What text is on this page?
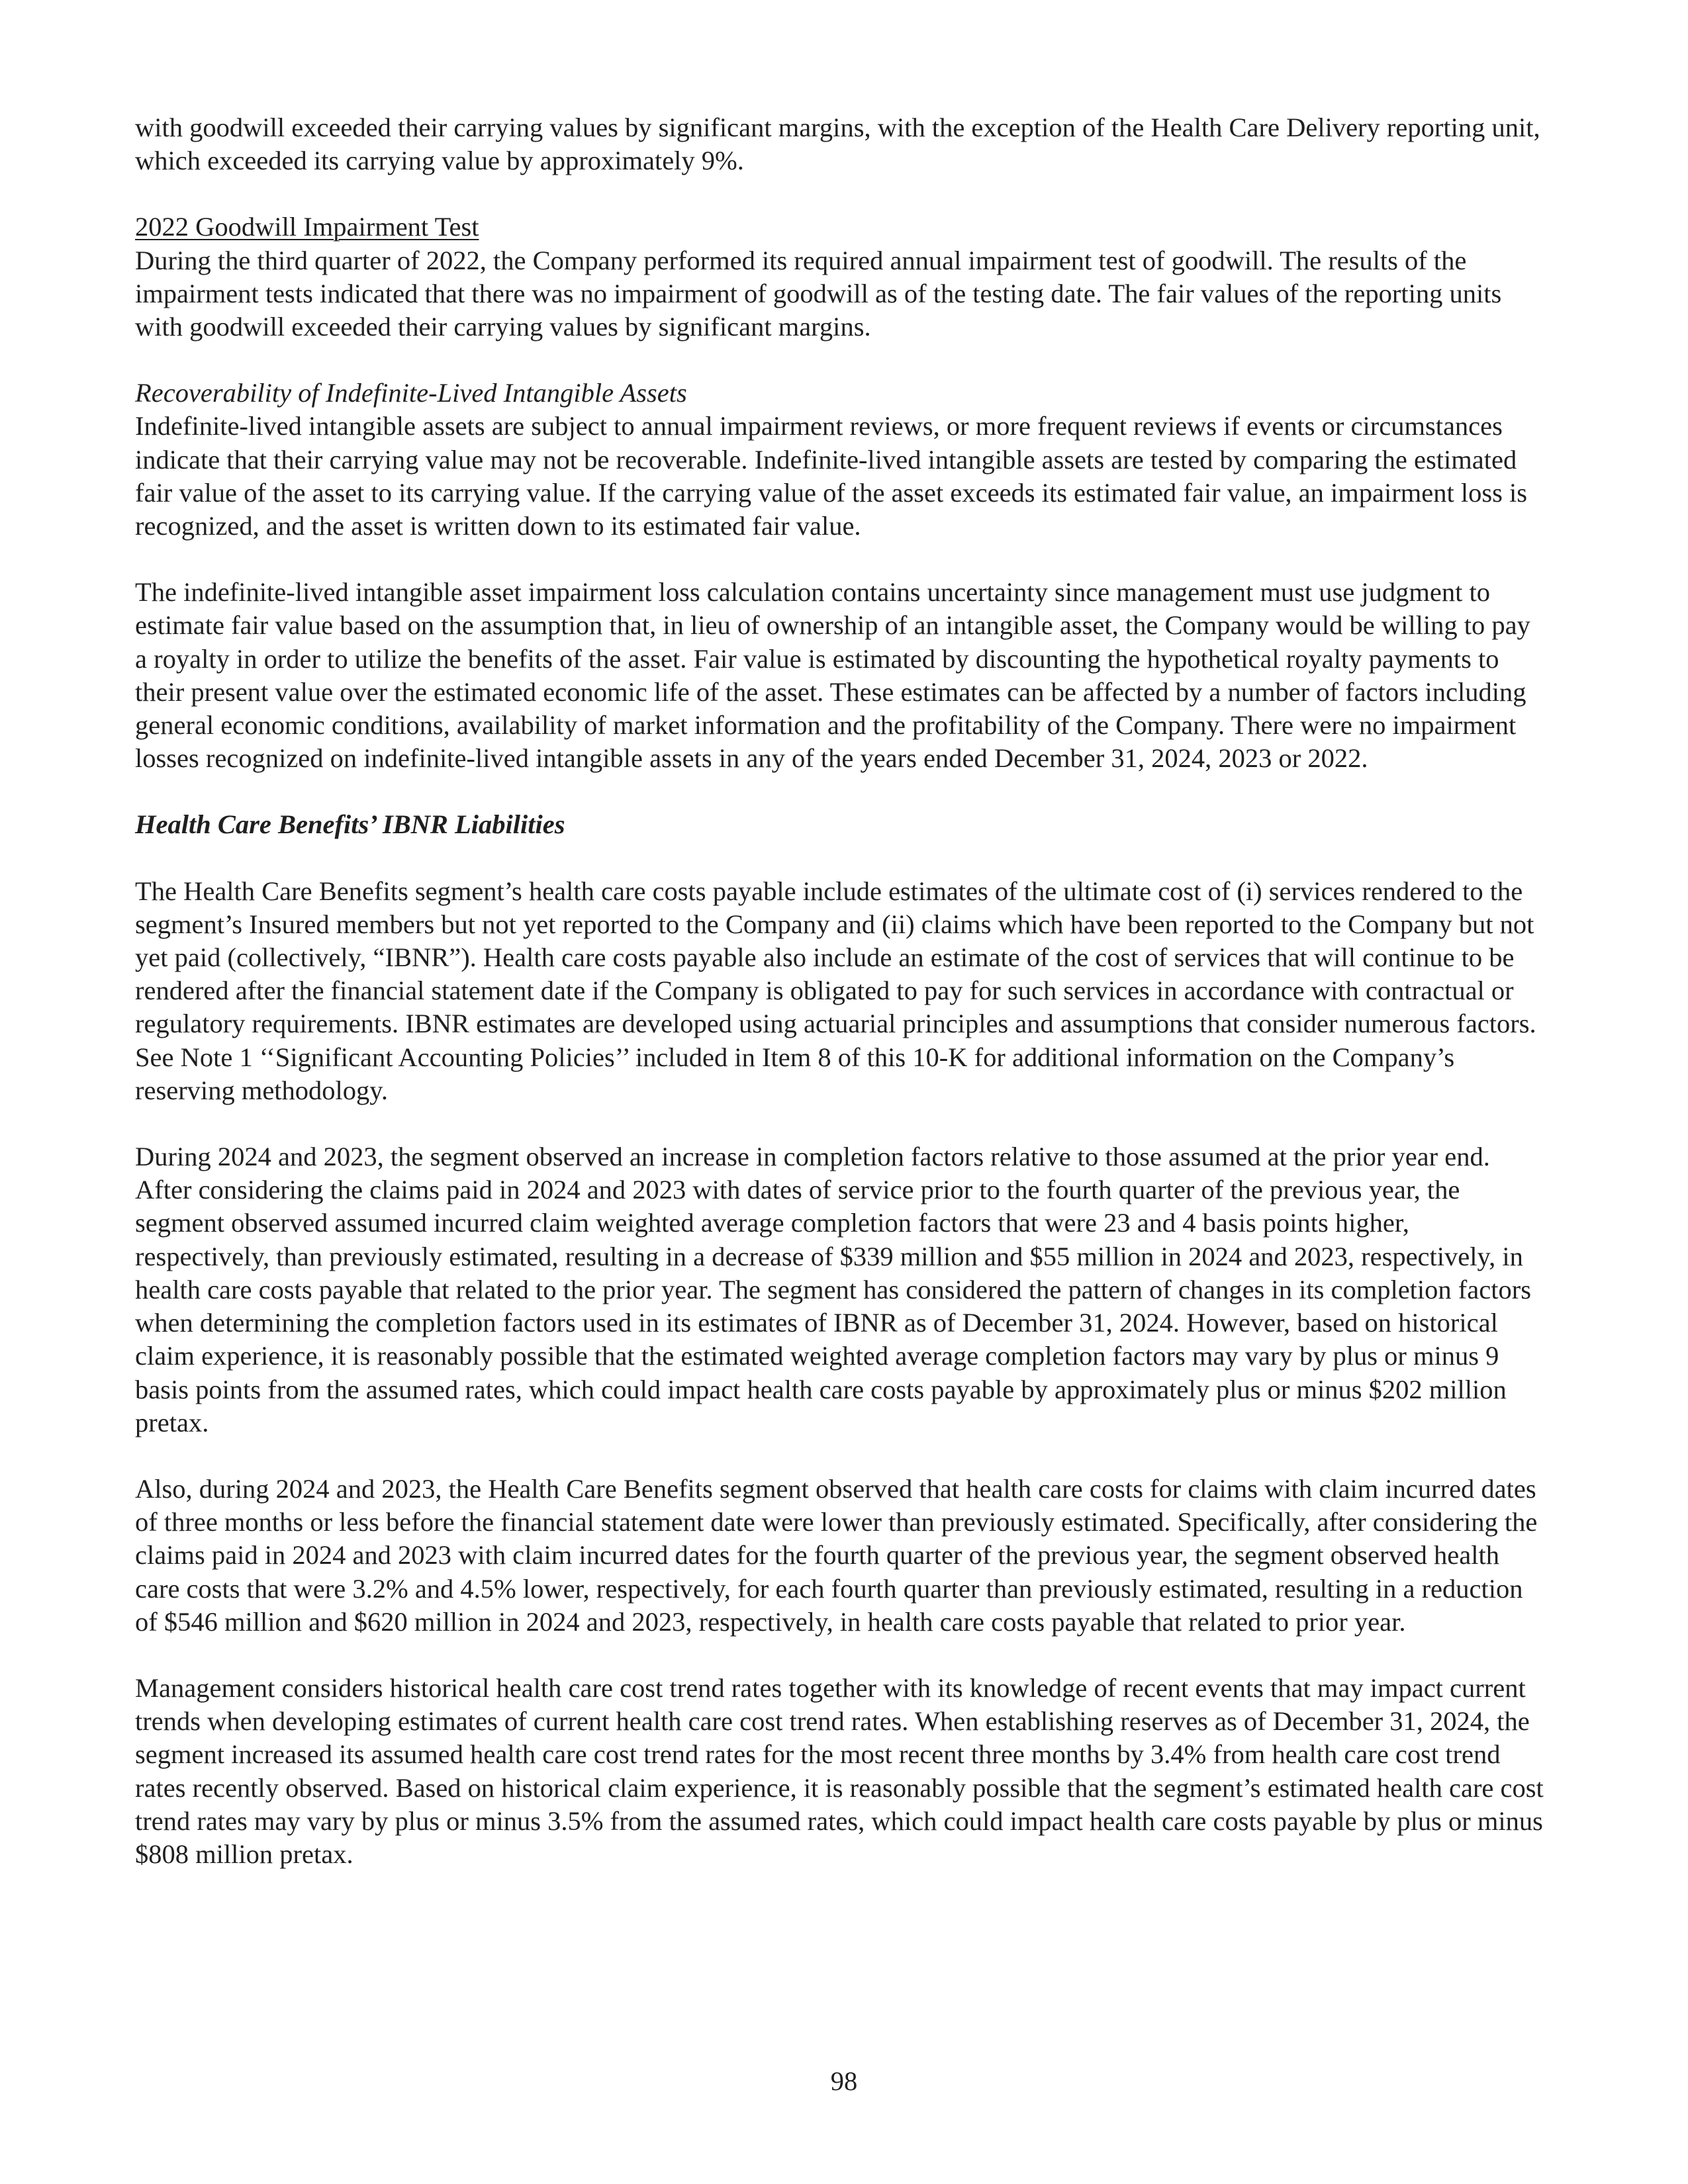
with goodwill exceeded their carrying values by significant margins, with the exception of the Health Care Delivery reporting unit, which exceeded its carrying value by approximately 9%.

2022 Goodwill Impairment Test
During the third quarter of 2022, the Company performed its required annual impairment test of goodwill. The results of the impairment tests indicated that there was no impairment of goodwill as of the testing date. The fair values of the reporting units with goodwill exceeded their carrying values by significant margins.

Recoverability of Indefinite-Lived Intangible Assets
Indefinite-lived intangible assets are subject to annual impairment reviews, or more frequent reviews if events or circumstances indicate that their carrying value may not be recoverable. Indefinite-lived intangible assets are tested by comparing the estimated fair value of the asset to its carrying value. If the carrying value of the asset exceeds its estimated fair value, an impairment loss is recognized, and the asset is written down to its estimated fair value.

The indefinite-lived intangible asset impairment loss calculation contains uncertainty since management must use judgment to estimate fair value based on the assumption that, in lieu of ownership of an intangible asset, the Company would be willing to pay a royalty in order to utilize the benefits of the asset. Fair value is estimated by discounting the hypothetical royalty payments to their present value over the estimated economic life of the asset. These estimates can be affected by a number of factors including general economic conditions, availability of market information and the profitability of the Company. There were no impairment losses recognized on indefinite-lived intangible assets in any of the years ended December 31, 2024, 2023 or 2022.

Health Care Benefits’ IBNR Liabilities

The Health Care Benefits segment’s health care costs payable include estimates of the ultimate cost of (i) services rendered to the segment’s Insured members but not yet reported to the Company and (ii) claims which have been reported to the Company but not yet paid (collectively, “IBNR”). Health care costs payable also include an estimate of the cost of services that will continue to be rendered after the financial statement date if the Company is obligated to pay for such services in accordance with contractual or regulatory requirements. IBNR estimates are developed using actuarial principles and assumptions that consider numerous factors. See Note 1 ‘‘Significant Accounting Policies’’ included in Item 8 of this 10-K for additional information on the Company’s reserving methodology.

During 2024 and 2023, the segment observed an increase in completion factors relative to those assumed at the prior year end. After considering the claims paid in 2024 and 2023 with dates of service prior to the fourth quarter of the previous year, the segment observed assumed incurred claim weighted average completion factors that were 23 and 4 basis points higher, respectively, than previously estimated, resulting in a decrease of $339 million and $55 million in 2024 and 2023, respectively, in health care costs payable that related to the prior year. The segment has considered the pattern of changes in its completion factors when determining the completion factors used in its estimates of IBNR as of December 31, 2024. However, based on historical claim experience, it is reasonably possible that the estimated weighted average completion factors may vary by plus or minus 9 basis points from the assumed rates, which could impact health care costs payable by approximately plus or minus $202 million pretax.

Also, during 2024 and 2023, the Health Care Benefits segment observed that health care costs for claims with claim incurred dates of three months or less before the financial statement date were lower than previously estimated. Specifically, after considering the claims paid in 2024 and 2023 with claim incurred dates for the fourth quarter of the previous year, the segment observed health care costs that were 3.2% and 4.5% lower, respectively, for each fourth quarter than previously estimated, resulting in a reduction of $546 million and $620 million in 2024 and 2023, respectively, in health care costs payable that related to prior year.

Management considers historical health care cost trend rates together with its knowledge of recent events that may impact current trends when developing estimates of current health care cost trend rates. When establishing reserves as of December 31, 2024, the segment increased its assumed health care cost trend rates for the most recent three months by 3.4% from health care cost trend rates recently observed. Based on historical claim experience, it is reasonably possible that the segment’s estimated health care cost trend rates may vary by plus or minus 3.5% from the assumed rates, which could impact health care costs payable by plus or minus $808 million pretax.

98
